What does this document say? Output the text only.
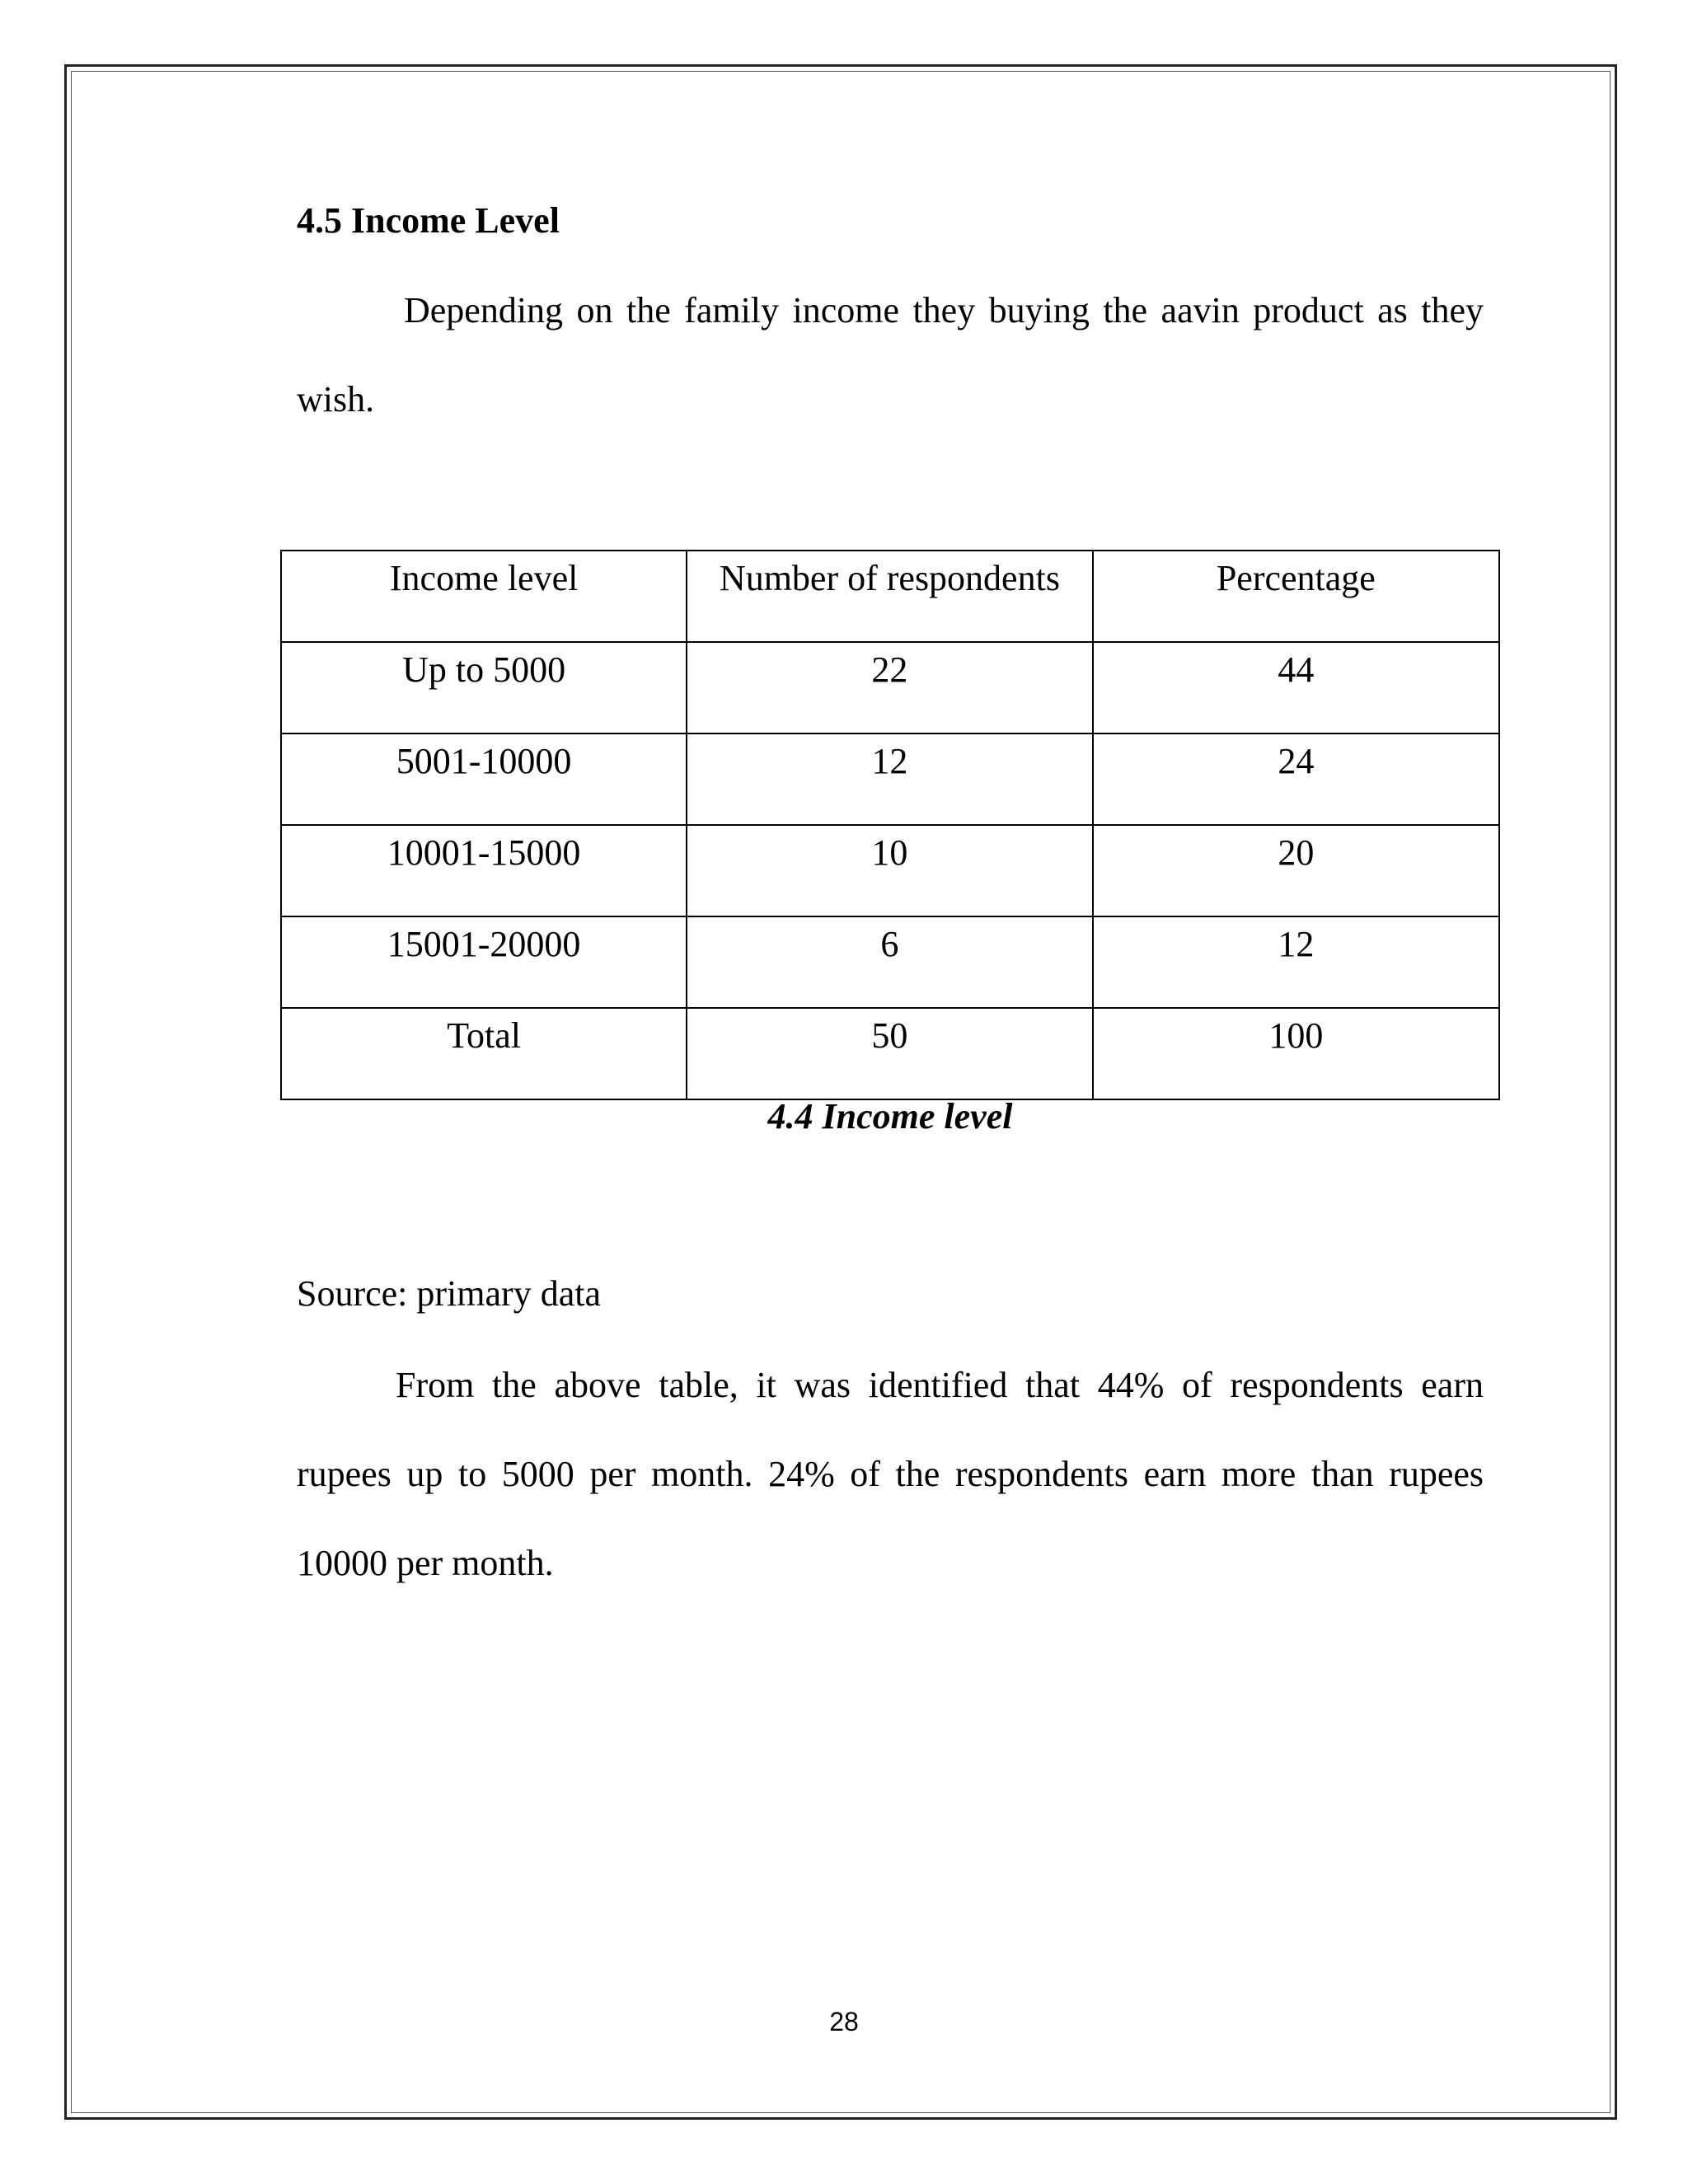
4.5 Income Level

Depending on the family income they buying the aavin product as they wish.

Income level	Number of respondents	Percentage
Up to 5000	22	44
5001-10000	12	24
10001-15000	10	20
15001-20000	6	12
Total	50	100

4.4 Income level

Source: primary data

From the above table, it was identified that 44% of respondents earn rupees up to 5000 per month. 24% of the respondents earn more than rupees 10000 per month.

28
